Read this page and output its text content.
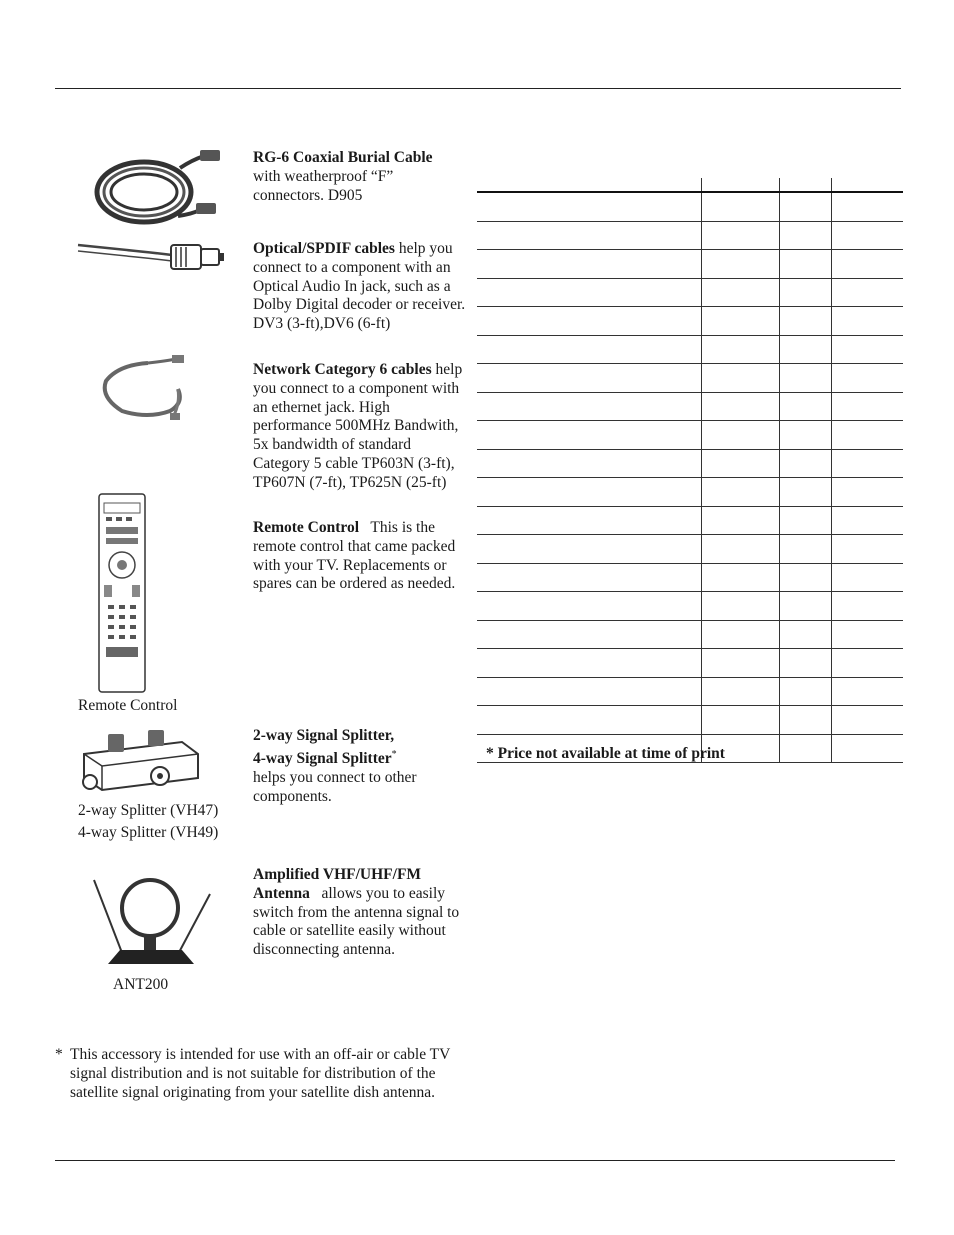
RG-6 Coaxial Burial Cable   with weatherproof “F” connectors. D905
Optical/SPDIF cables help you connect to a component with an Optical Audio In jack, such as a Dolby Digital decoder or receiver. DV3 (3-ft),DV6 (6-ft)
Network Category 6 cables help you connect to a component with an ethernet jack. High performance 500MHz Bandwith, 5x bandwidth of standard Category 5 cable TP603N (3-ft), TP607N (7-ft), TP625N (25-ft)
Remote Control This is the remote control that came packed with your TV. Replacements or spares can be ordered as needed.
Remote Control
2-way Signal Splitter,
4-way Signal Splitter*
helps you connect to other components.
2-way Splitter (VH47)
4-way Splitter (VH49)
Amplified VHF/UHF/FM Antenna allows you to easily switch from the antenna signal to cable or satellite easily without disconnecting antenna.
ANT200
* Price not available at time of print
* This accessory is intended for use with an off-air or cable TV signal distribution and is not suitable for distribution of the satellite signal originating from your satellite dish antenna.
